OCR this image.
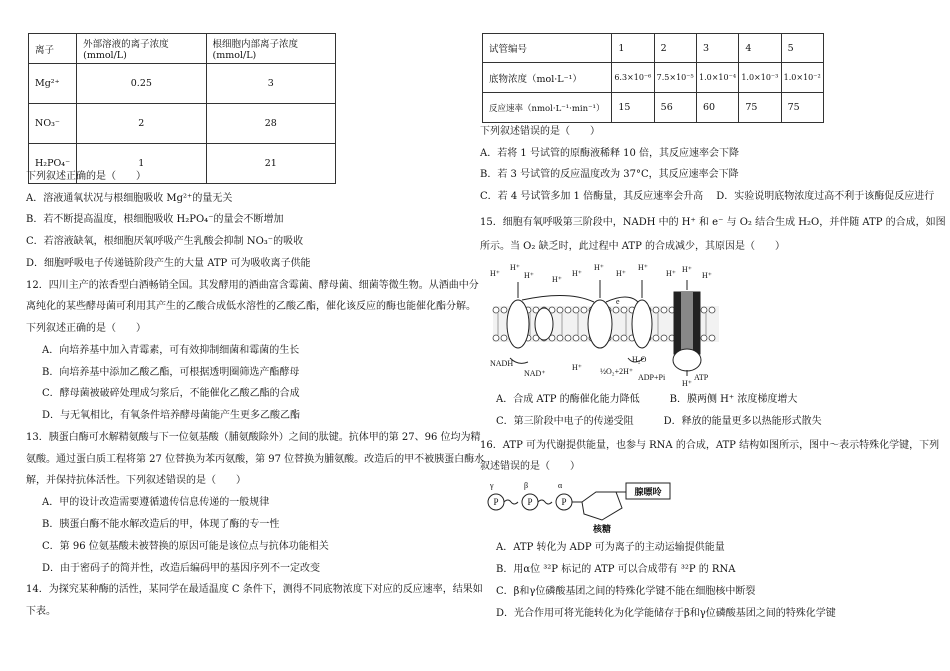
离子	外部溶液的离子浓度(mmol/L)	根细胞内部离子浓度(mmol/L)
Mg²⁺	0.25	3
NO₃⁻	2	28
H₂PO₄⁻	1	21
下列叙述正确的是（　　）
A．溶液通氧状况与根细胞吸收 Mg²⁺的量无关
B．若不断提高温度，根细胞吸收 H₂PO₄⁻的量会不断增加
C．若溶液缺氧，根细胞厌氧呼吸产生乳酸会抑制 NO₃⁻的吸收
D．细胞呼吸电子传递链阶段产生的大量 ATP 可为吸收离子供能
12．四川主产的浓香型白酒畅销全国。其发酵用的酒曲富含霉菌、酵母菌、细菌等微生物。从酒曲中分
离纯化的某些酵母菌可利用其产生的乙酸合成低水溶性的乙酸乙酯，催化该反应的酶也能催化酯分解。
下列叙述正确的是（　　）
A．向培养基中加入青霉素，可有效抑制细菌和霉菌的生长
B．向培养基中添加乙酸乙酯，可根据透明圈筛选产酯酵母
C．酵母菌被破碎处理成匀浆后，不能催化乙酸乙酯的合成
D．与无氧相比，有氧条件培养酵母菌能产生更多乙酸乙酯
13．胰蛋白酶可水解精氨酸与下一位氨基酸（脯氨酸除外）之间的肽键。抗体甲的第 27、96 位均为精
氨酸。通过蛋白质工程将第 27 位替换为苯丙氨酸，第 97 位替换为脯氨酸。改造后的甲不被胰蛋白酶水
解，并保持抗体活性。下列叙述错误的是（　　）
A．甲的设计改造需要遵循遗传信息传递的一般规律
B．胰蛋白酶不能水解改造后的甲，体现了酶的专一性
C．第 96 位氨基酸未被替换的原因可能是该位点与抗体功能相关
D．由于密码子的简并性，改造后编码甲的基因序列不一定改变
14．为探究某种酶的活性，某同学在最适温度 C 条件下，测得不同底物浓度下对应的反应速率，结果如
下表。
试管编号	1	2	3	4	5
底物浓度（mol·L⁻¹）	6.3×10⁻⁶	7.5×10⁻⁵	1.0×10⁻⁴	1.0×10⁻³	1.0×10⁻²
反应速率（nmol·L⁻¹·min⁻¹）	15	56	60	75	75
下列叙述错误的是（　　）
A．若将 1 号试管的原酶液稀释 10 倍，其反应速率会下降
B．若 3 号试管的反应温度改为 37°C，其反应速率会下降
C．若 4 号试管多加 1 倍酶量，其反应速率会升高　 D．实验说明底物浓度过高不利于该酶促反应进行
15．细胞有氧呼吸第三阶段中，NADH 中的 H⁺ 和 e⁻ 与 O₂ 结合生成 H₂O，并伴随 ATP 的合成，如图
所示。当 O₂ 缺乏时，此过程中 ATP 的合成减少，其原因是（　　）
H⁺
H⁺
H⁺ H⁺
H⁺
H⁺
H⁺
H⁺
H⁺ H⁺
H⁺
H⁺
H⁺
NADH
NAD⁺
e
½O₂+2H⁺
H₂O
ADP+Pi	ATP
A．合成 ATP 的酶催化能力降低　　　B．膜两侧 H⁺ 浓度梯度增大
C．第三阶段中电子的传递受阻　　　D．释放的能量更多以热能形式散失
16．ATP 可为代谢提供能量，也参与 RNA 的合成，ATP 结构如图所示，图中～表示特殊化学键，下列
叙述错误的是（　　）
γ	β	α
P	P	P
腺嘌呤
核糖
A．ATP 转化为 ADP 可为离子的主动运输提供能量
B．用α位 ³²P 标记的 ATP 可以合成带有 ³²P 的 RNA
C．β和γ位磷酸基团之间的特殊化学键不能在细胞核中断裂
D．光合作用可将光能转化为化学能储存于β和γ位磷酸基团之间的特殊化学键
